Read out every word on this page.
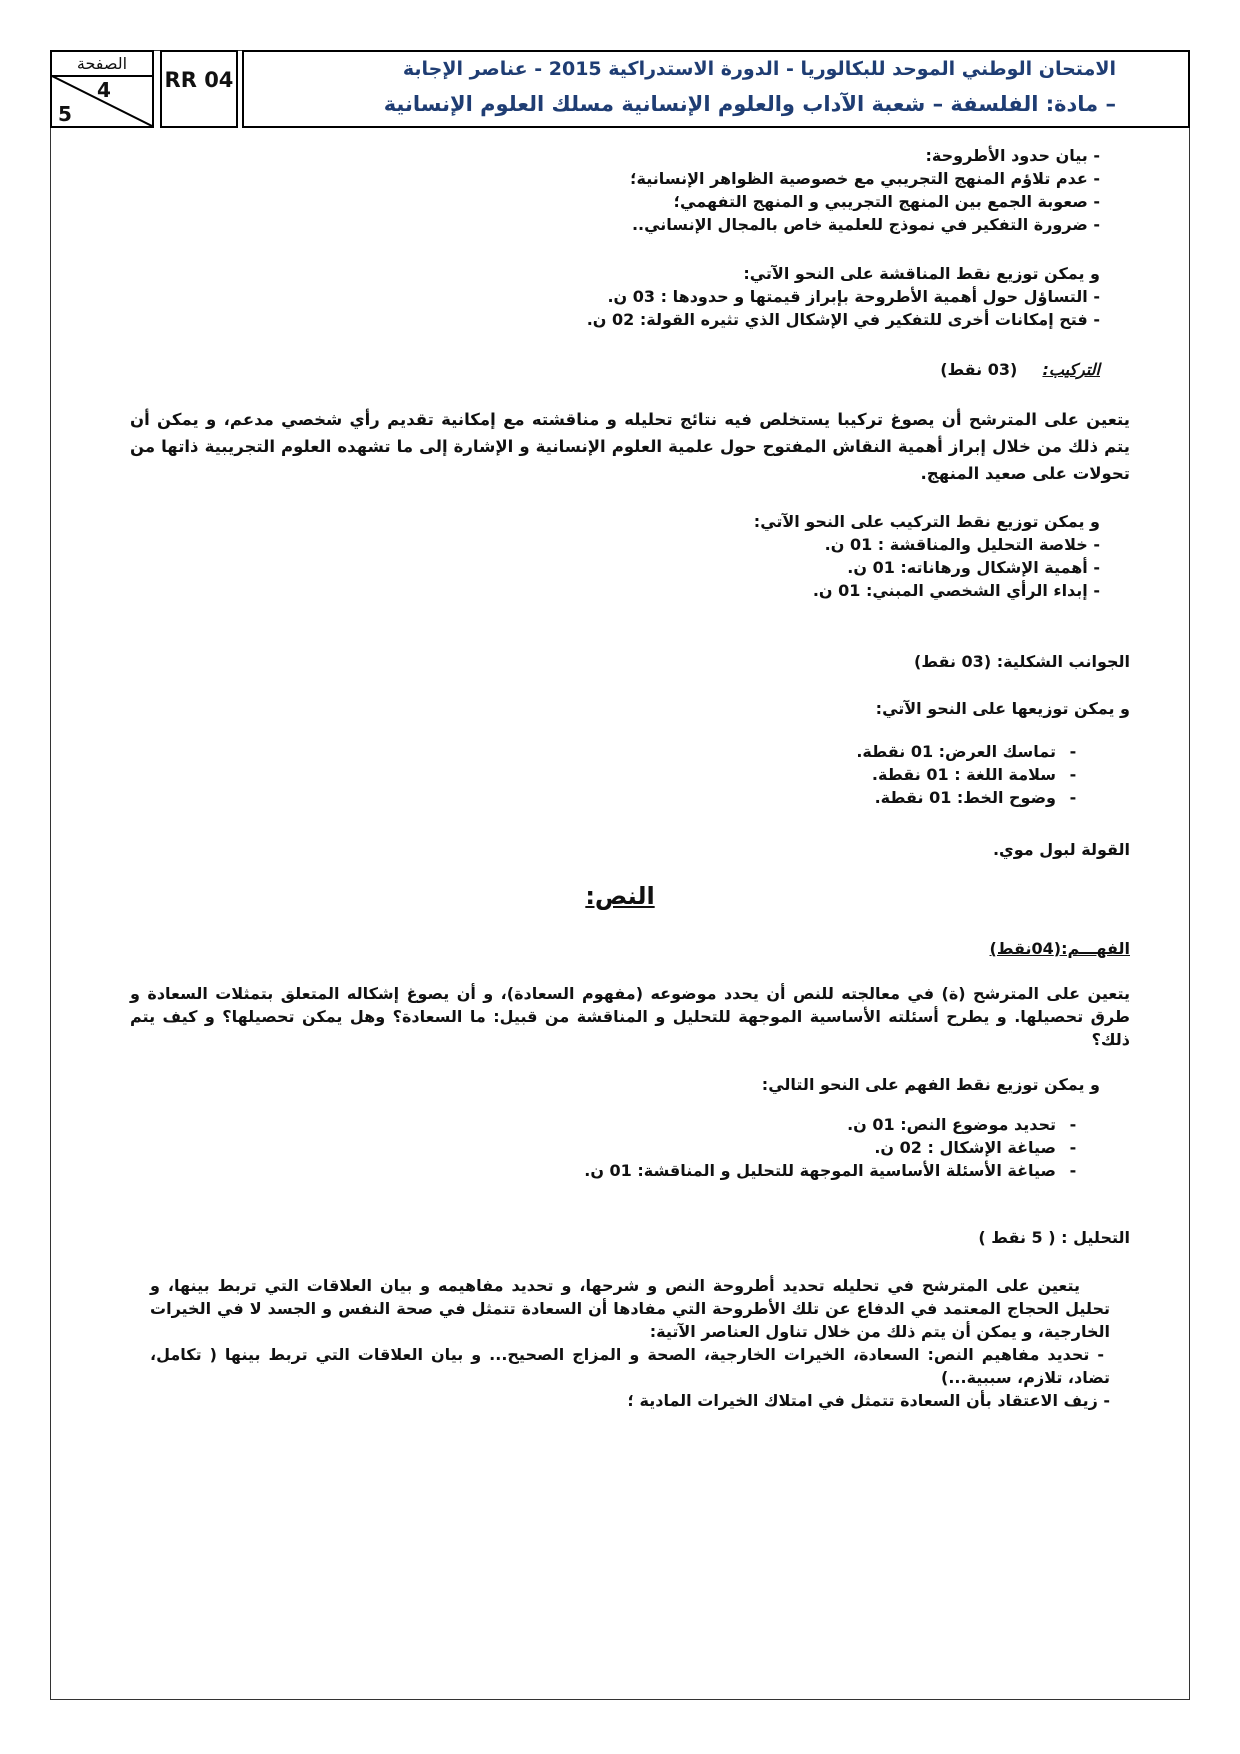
الصفحة
4
5
RR 04	الامتحان الوطني الموحد للبكالوريا - الدورة الاستدراكية 2015 - عناصر الإجابة
– مادة: الفلسفة – شعبة الآداب والعلوم الإنسانية مسلك العلوم الإنسانية
- بيان حدود الأطروحة:
- عدم تلاؤم المنهج التجريبي مع خصوصية الظواهر الإنسانية؛
- صعوبة الجمع بين المنهج التجريبي و المنهج التفهمي؛
- ضرورة التفكير في نموذج للعلمية خاص بالمجال الإنساني..
و يمكن توزيع نقط المناقشة على النحو الآتي:
- التساؤل حول أهمية الأطروحة بإبراز قيمتها و حدودها : 03 ن.
- فتح إمكانات أخرى للتفكير في الإشكال الذي تثيره القولة: 02 ن.
التركيب:  (03 نقط)
يتعين على المترشح أن يصوغ تركيبا يستخلص فيه نتائج تحليله و مناقشته مع إمكانية تقديم رأي شخصي مدعم، و يمكن أن يتم ذلك من خلال إبراز أهمية النقاش المفتوح حول علمية العلوم الإنسانية و الإشارة إلى ما تشهده العلوم التجريبية ذاتها من تحولات على صعيد المنهج.
و يمكن توزيع نقط التركيب على النحو الآتي:
- خلاصة التحليل والمناقشة : 01 ن.
- أهمية الإشكال ورهاناته: 01 ن.
- إبداء الرأي الشخصي المبني: 01 ن.
الجوانب الشكلية: (03 نقط)
و يمكن توزيعها على النحو الآتي:
-
تماسك العرض: 01 نقطة.
-
سلامة اللغة : 01 نقطة.
-
وضوح الخط: 01 نقطة.
القولة لبول موي.
النص:
الفهـــم:(04نقط)
يتعين على المترشح (ة) في معالجته للنص أن يحدد موضوعه (مفهوم السعادة)، و أن يصوغ إشكاله المتعلق بتمثلات السعادة و طرق تحصيلها. و يطرح أسئلته الأساسية الموجهة للتحليل و المناقشة من قبيل: ما السعادة؟ وهل يمكن تحصيلها؟ و كيف يتم ذلك؟
و يمكن توزيع نقط الفهم على النحو التالي:
-
تحديد موضوع النص: 01 ن.
-
صياغة الإشكال : 02 ن.
-
صياغة الأسئلة الأساسية الموجهة للتحليل و المناقشة: 01 ن.
التحليل : ( 5 نقط )
يتعين على المترشح في تحليله تحديد أطروحة النص و شرحها، و تحديد مفاهيمه و بيان العلاقات التي تربط بينها، و تحليل الحجاج المعتمد في الدفاع عن تلك الأطروحة التي مفادها أن السعادة تتمثل في صحة النفس و الجسد لا في الخيرات الخارجية، و يمكن أن يتم ذلك من خلال تناول العناصر الآتية:
- تحديد مفاهيم النص: السعادة، الخيرات الخارجية، الصحة و المزاج الصحيح... و بيان العلاقات التي تربط بينها ( تكامل، تضاد، تلازم، سببية...)
- زيف الاعتقاد بأن السعادة تتمثل في امتلاك الخيرات المادية ؛
